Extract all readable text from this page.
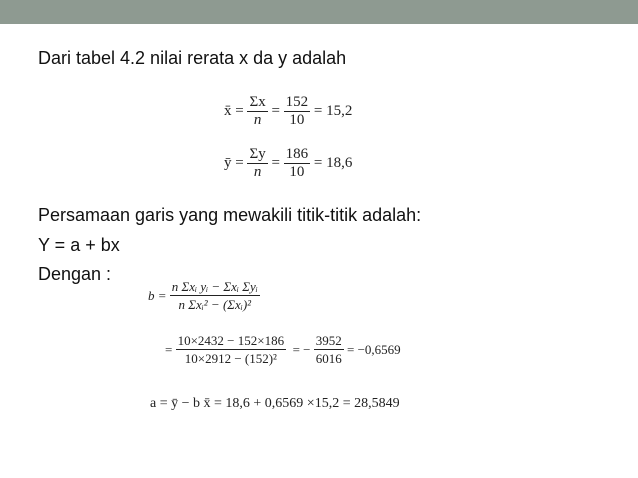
Dari tabel 4.2 nilai rerata x da y adalah
x̄ = $\frac{\Sigma x}{n} = \frac{152}{10} = 15,2$
ȳ = $\frac{\Sigma y}{n} = \frac{186}{10} = 18,6$
Persamaan garis yang mewakili titik-titik adalah:
Y = a + bx
Dengan :
$b = \frac{\text{n Σxᵢ yᵢ − Σxᵢ Σyᵢ}}{\text{n Σxᵢ² − (Σxᵢ)²}}$
= $\frac{10\times 2432 - 152\times 186}{\text{10×2912 − (152)²}}$ = − $\frac{3952}{6016} = -0,6569$
a = ȳ − b x̄ = 18,6 + 0,6569 ×15,2 = 28,5849
